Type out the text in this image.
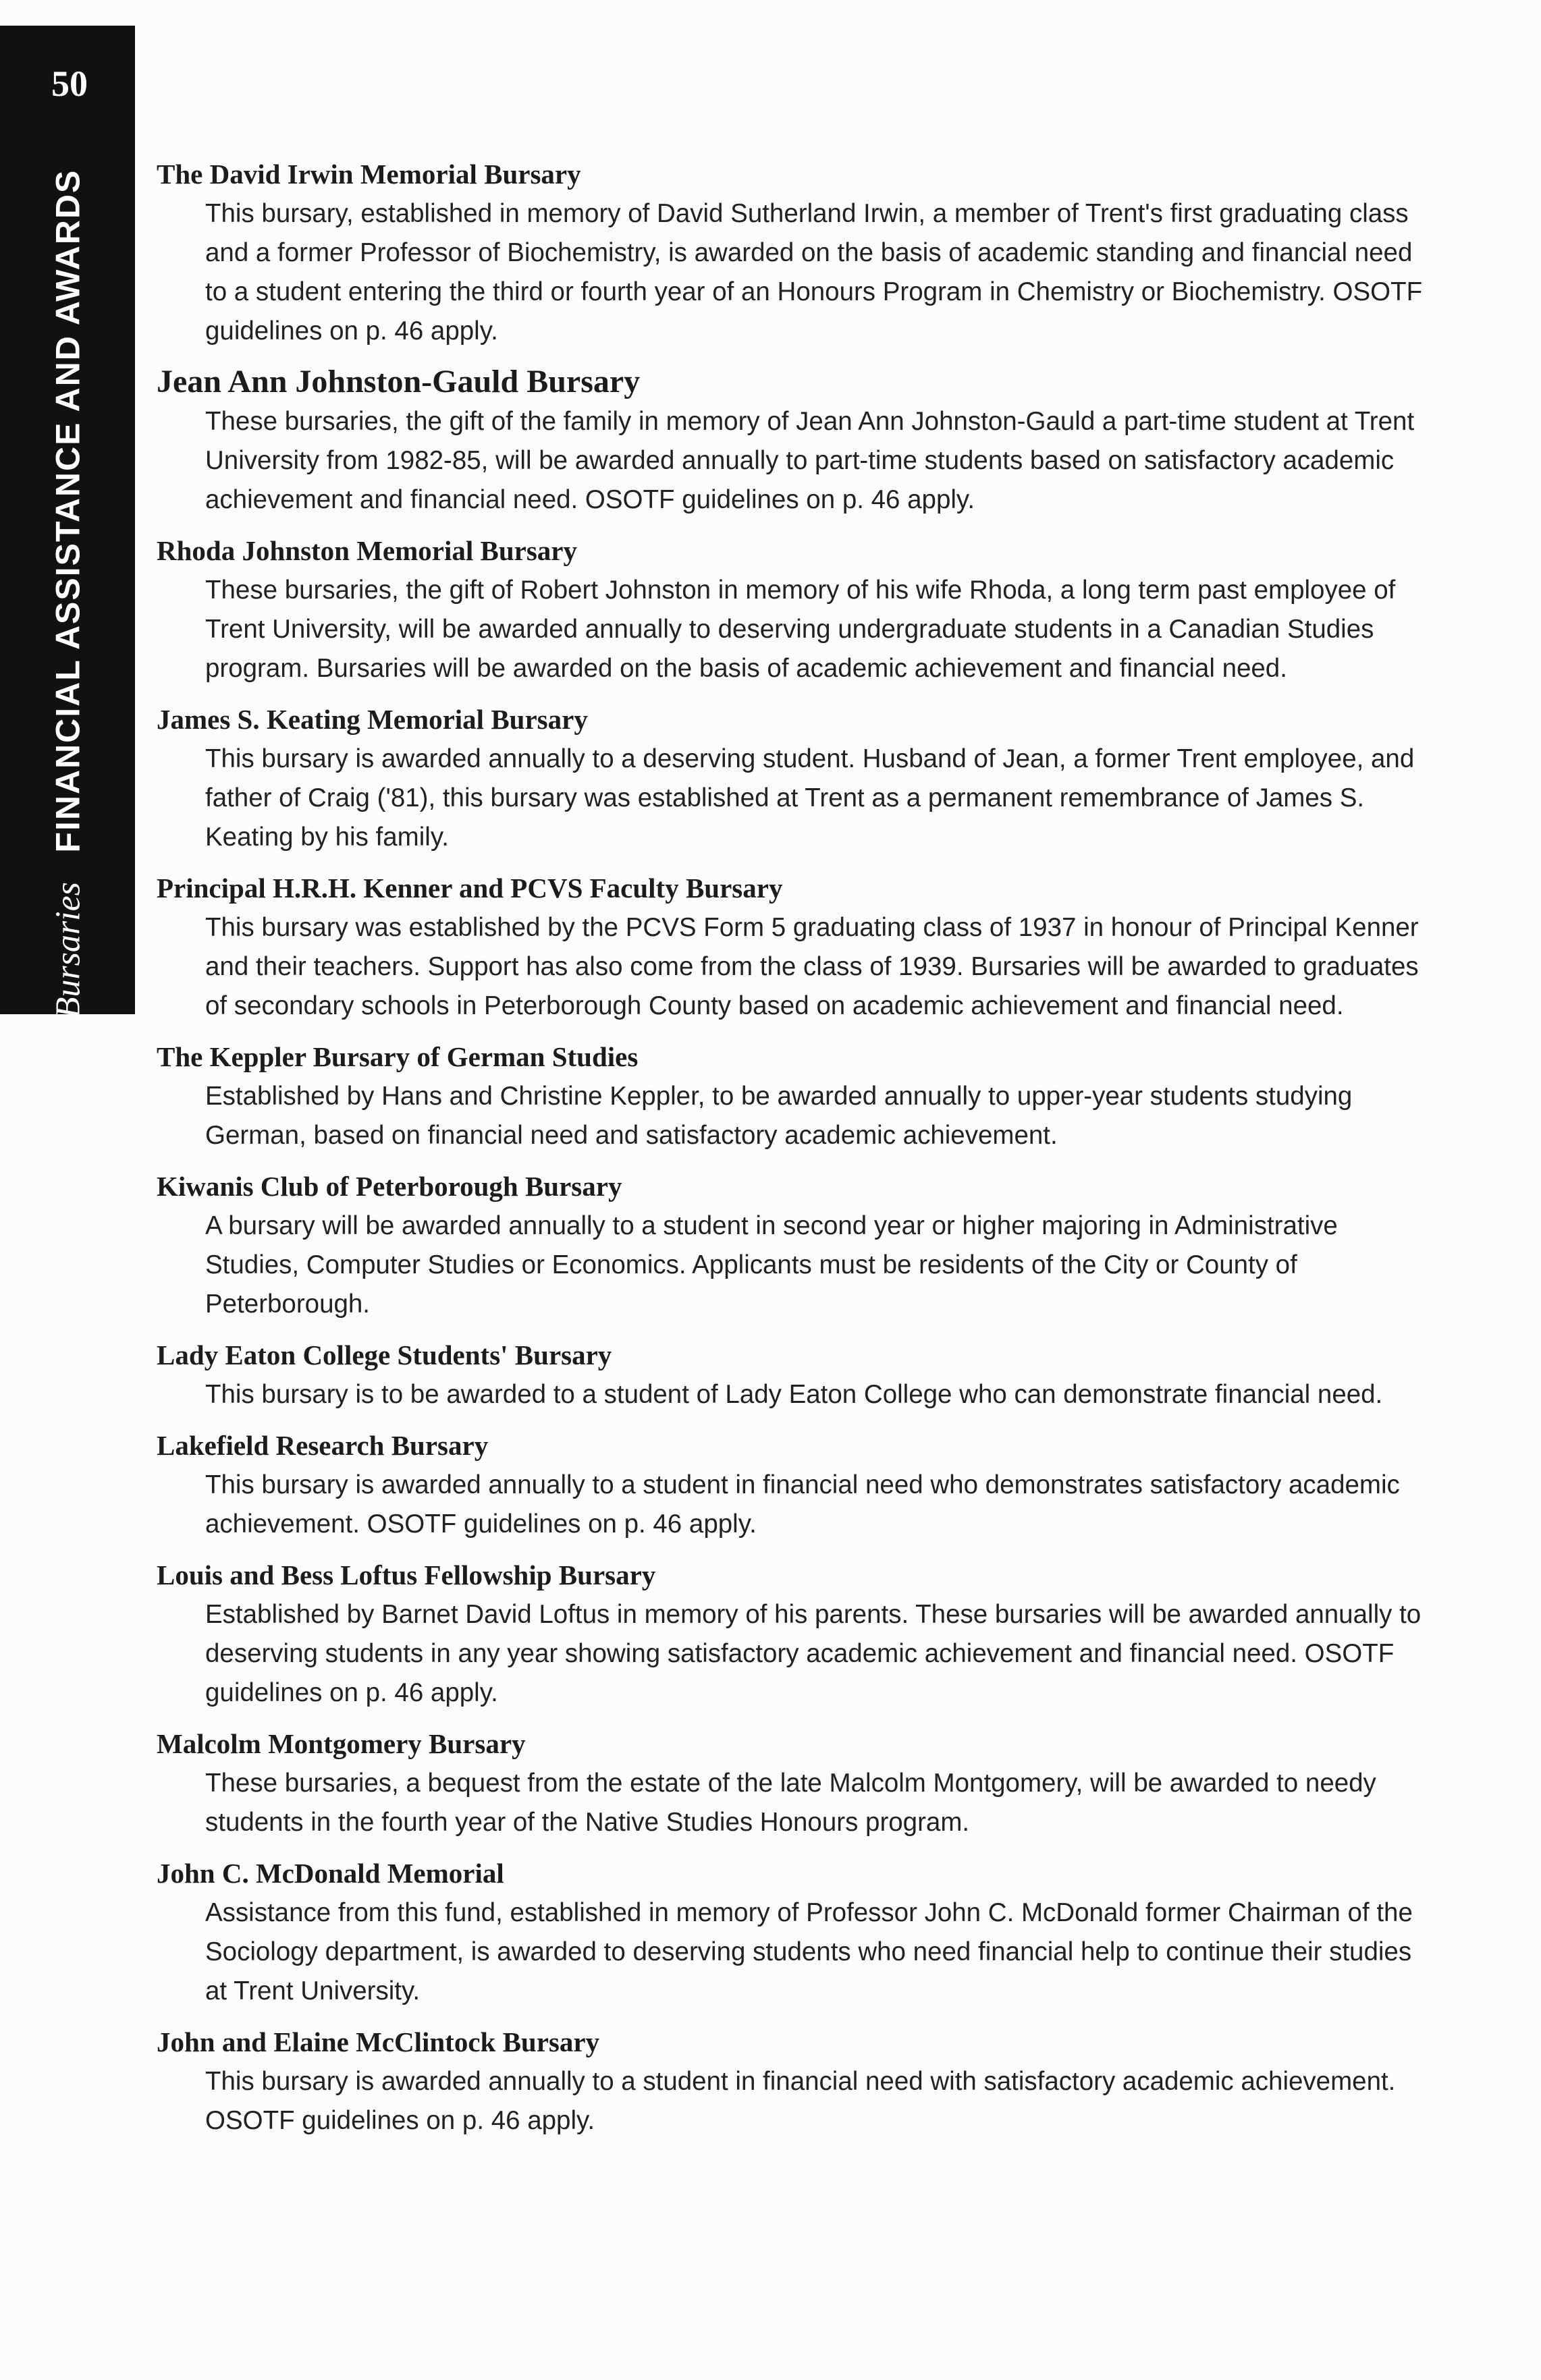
50
Bursaries FINANCIAL ASSISTANCE AND AWARDS	The David Irwin Memorial Bursary

This bursary, established in memory of David Sutherland Irwin, a member of Trent's first graduating class and a former Professor of Biochemistry, is awarded on the basis of academic standing and financial need to a student entering the third or fourth year of an Honours Program in Chemistry or Biochemistry. OSOTF guidelines on p. 46 apply.

Jean Ann Johnston-Gauld Bursary

These bursaries, the gift of the family in memory of Jean Ann Johnston-Gauld a part-time student at Trent University from 1982-85, will be awarded annually to part-time students based on satisfactory academic achievement and financial need. OSOTF guidelines on p. 46 apply.

Rhoda Johnston Memorial Bursary

These bursaries, the gift of Robert Johnston in memory of his wife Rhoda, a long term past employee of Trent University, will be awarded annually to deserving undergraduate students in a Canadian Studies program. Bursaries will be awarded on the basis of academic achievement and financial need.

James S. Keating Memorial Bursary

This bursary is awarded annually to a deserving student. Husband of Jean, a former Trent employee, and father of Craig ('81), this bursary was established at Trent as a permanent remembrance of James S. Keating by his family.

Principal H.R.H. Kenner and PCVS Faculty Bursary

This bursary was established by the PCVS Form 5 graduating class of 1937 in honour of Principal Kenner and their teachers. Support has also come from the class of 1939. Bursaries will be awarded to graduates of secondary schools in Peterborough County based on academic achievement and financial need.

The Keppler Bursary of German Studies

Established by Hans and Christine Keppler, to be awarded annually to upper-year students studying German, based on financial need and satisfactory academic achievement.

Kiwanis Club of Peterborough Bursary

A bursary will be awarded annually to a student in second year or higher majoring in Administrative Studies, Computer Studies or Economics. Applicants must be residents of the City or County of Peterborough.

Lady Eaton College Students' Bursary

This bursary is to be awarded to a student of Lady Eaton College who can demonstrate financial need.

Lakefield Research Bursary

This bursary is awarded annually to a student in financial need who demonstrates satisfactory academic achievement. OSOTF guidelines on p. 46 apply.

Louis and Bess Loftus Fellowship Bursary

Established by Barnet David Loftus in memory of his parents. These bursaries will be awarded annually to deserving students in any year showing satisfactory academic achievement and financial need. OSOTF guidelines on p. 46 apply.

Malcolm Montgomery Bursary

These bursaries, a bequest from the estate of the late Malcolm Montgomery, will be awarded to needy students in the fourth year of the Native Studies Honours program.

John C. McDonald Memorial

Assistance from this fund, established in memory of Professor John C. McDonald former Chairman of the Sociology department, is awarded to deserving students who need financial help to continue their studies at Trent University.

John and Elaine McClintock Bursary

This bursary is awarded annually to a student in financial need with satisfactory academic achievement. OSOTF guidelines on p. 46 apply.
